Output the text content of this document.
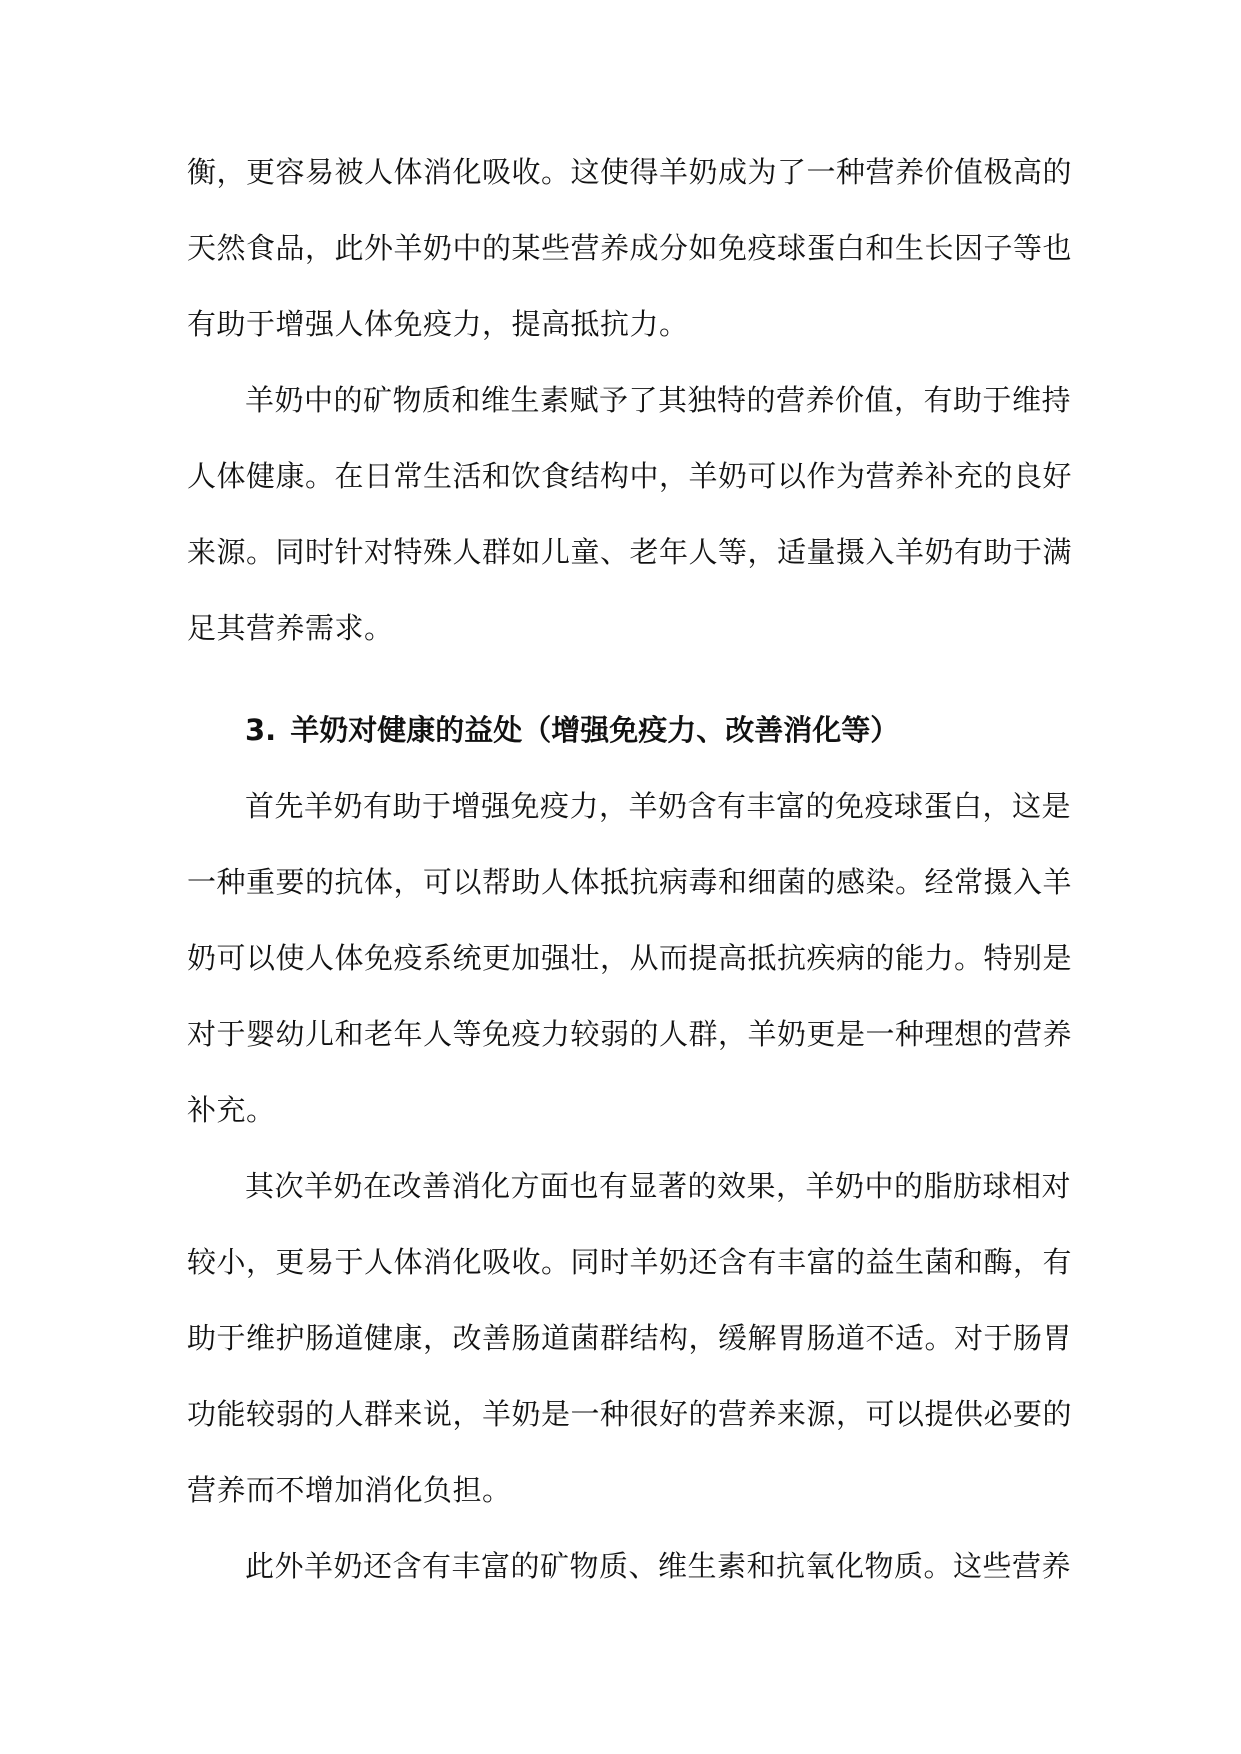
衡，更容易被人体消化吸收。这使得羊奶成为了一种营养价值极高的
天然食品，此外羊奶中的某些营养成分如免疫球蛋白和生长因子等也
有助于增强人体免疫力，提高抵抗力。
羊奶中的矿物质和维生素赋予了其独特的营养价值，有助于维持
人体健康。在日常生活和饮食结构中，羊奶可以作为营养补充的良好
来源。同时针对特殊人群如儿童、老年人等，适量摄入羊奶有助于满
足其营养需求。
3. 羊奶对健康的益处（增强免疫力、改善消化等）
首先羊奶有助于增强免疫力，羊奶含有丰富的免疫球蛋白，这是
一种重要的抗体，可以帮助人体抵抗病毒和细菌的感染。经常摄入羊
奶可以使人体免疫系统更加强壮，从而提高抵抗疾病的能力。特别是
对于婴幼儿和老年人等免疫力较弱的人群，羊奶更是一种理想的营养
补充。
其次羊奶在改善消化方面也有显著的效果，羊奶中的脂肪球相对
较小，更易于人体消化吸收。同时羊奶还含有丰富的益生菌和酶，有
助于维护肠道健康，改善肠道菌群结构，缓解胃肠道不适。对于肠胃
功能较弱的人群来说，羊奶是一种很好的营养来源，可以提供必要的
营养而不增加消化负担。
此外羊奶还含有丰富的矿物质、维生素和抗氧化物质。这些营养
